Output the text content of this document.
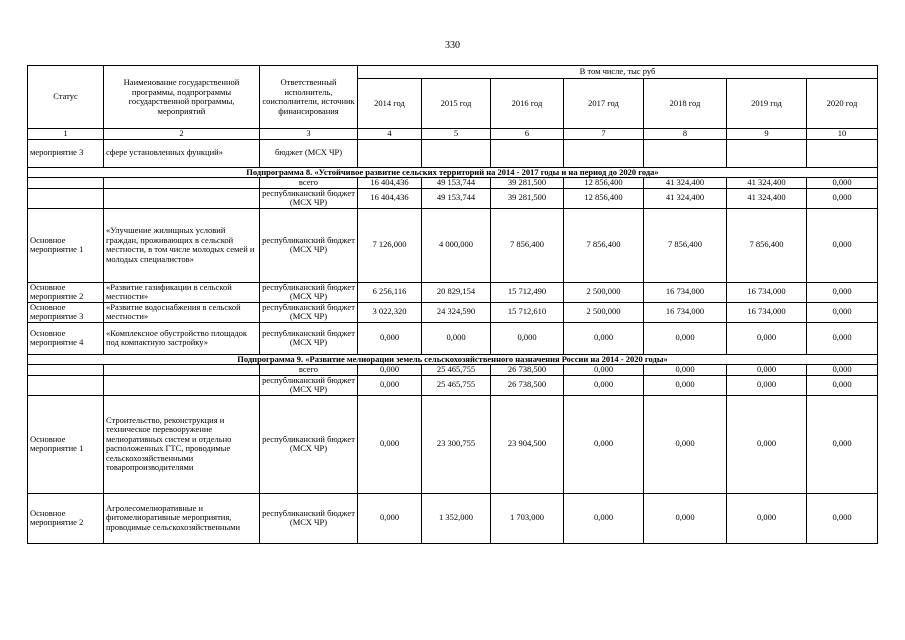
330
Статус	Наименование государственной программы, подпрограммы государственной программы, мероприятий	Ответственный исполнитель, соисполнители, источник финансирования	В том числе, тыс руб						
			2014 год	2015 год	2016 год	2017 год	2018 год	2019 год	2020 год
1	2	3	4	5	6	7	8	9	10
мероприятие 3	сфере установленных функций»	бюджет (МСХ ЧР)							
Подпрограмма 8. «Устойчивое развитие сельских территорий на 2014 - 2017 годы и на период до 2020 года»									
		всего	16 404,436	49 153,744	39 281,500	12 856,400	41 324,400	41 324,400	0,000
		республиканский бюджет (МСХ ЧР)	16 404,436	49 153,744	39 281,500	12 856,400	41 324,400	41 324,400	0,000
Основное мероприятие 1	«Улучшение жилищных условий граждан, проживающих в сельской местности, в том числе молодых семей и молодых специалистов»	республиканский бюджет (МСХ ЧР)	7 126,000	4 000,000	7 856,400	7 856,400	7 856,400	7 856,400	0,000
Основное мероприятие 2	«Развитие газификации в сельской местности»	республиканский бюджет (МСХ ЧР)	6 256,116	20 829,154	15 712,490	2 500,000	16 734,000	16 734,000	0,000
Основное мероприятие 3	«Развитие водоснабжения в сельской местности»	республиканский бюджет (МСХ ЧР)	3 022,320	24 324,590	15 712,610	2 500,000	16 734,000	16 734,000	0,000
Основное мероприятие 4	«Комплексное обустройство площадок под компактную застройку»	республиканский бюджет (МСХ ЧР)	0,000	0,000	0,000	0,000	0,000	0,000	0,000
Подпрограмма 9. «Развитие мелиорации земель сельскохозяйственного назначения России на 2014 - 2020 годы»									
		всего	0,000	25 465,755	26 738,500	0,000	0,000	0,000	0,000
		республиканский бюджет (МСХ ЧР)	0,000	25 465,755	26 738,500	0,000	0,000	0,000	0,000
Основное мероприятие 1	Строительство, реконструкция и техническое перевооружение мелиоративных систем и отдельно расположенных ГТС, проводимые сельскохозяйственными товаропроизводителями	республиканский бюджет (МСХ ЧР)	0,000	23 300,755	23 904,500	0,000	0,000	0,000	0,000
Основное мероприятие 2	Агролесомелиоративные и фитомелиоративные мероприятия, проводимые сельскохозяйственными	республиканский бюджет (МСХ ЧР)	0,000	1 352,000	1 703,000	0,000	0,000	0,000	0,000
